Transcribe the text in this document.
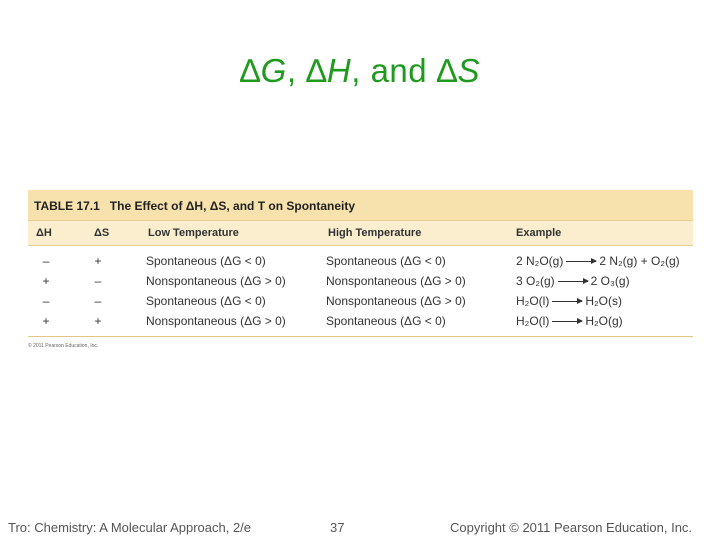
∆G, ∆H, and ∆S
TABLE 17.1 The Effect of ΔH, ΔS, and T on Spontaneity
ΔH	ΔS	Low Temperature	High Temperature	Example
–	+	Spontaneous (ΔG < 0)	Spontaneous (ΔG < 0)	2 N₂O(g) → 2 N₂(g) + O₂(g)
+	–	Nonspontaneous (ΔG > 0)	Nonspontaneous (ΔG > 0)	3 O₂(g) → 2 O₃(g)
–	–	Spontaneous (ΔG < 0)	Nonspontaneous (ΔG > 0)	H₂O(l) → H₂O(s)
+	+	Nonspontaneous (ΔG > 0)	Spontaneous (ΔG < 0)	H₂O(l) → H₂O(g)
© 2011 Pearson Education, Inc.
Tro: Chemistry: A Molecular Approach, 2/e	37	Copyright © 2011 Pearson Education, Inc.
